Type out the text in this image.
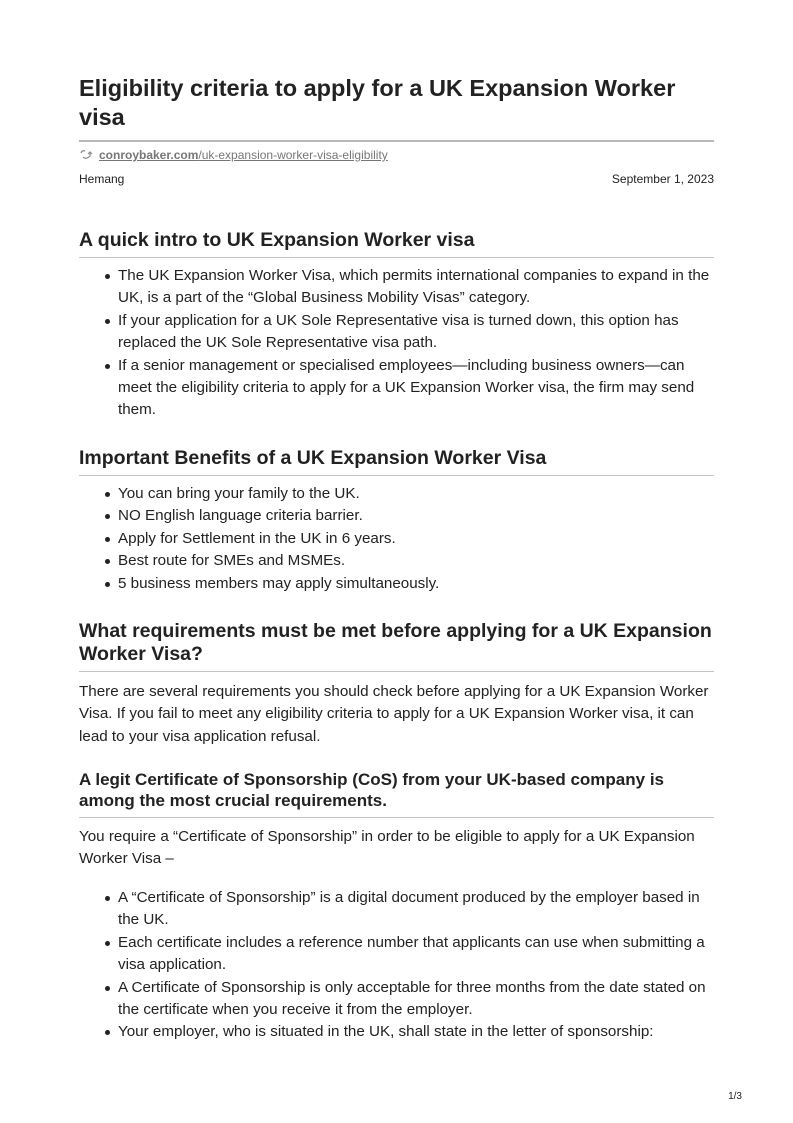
Eligibility criteria to apply for a UK Expansion Worker visa
conroybaker.com/uk-expansion-worker-visa-eligibility
Hemang	September 1, 2023
A quick intro to UK Expansion Worker visa
The UK Expansion Worker Visa, which permits international companies to expand in the UK, is a part of the “Global Business Mobility Visas” category.
If your application for a UK Sole Representative visa is turned down, this option has replaced the UK Sole Representative visa path.
If a senior management or specialised employees—including business owners—can meet the eligibility criteria to apply for a UK Expansion Worker visa, the firm may send them.
Important Benefits of a UK Expansion Worker Visa
You can bring your family to the UK.
NO English language criteria barrier.
Apply for Settlement in the UK in 6 years.
Best route for SMEs and MSMEs.
5 business members may apply simultaneously.
What requirements must be met before applying for a UK Expansion Worker Visa?

There are several requirements you should check before applying for a UK Expansion Worker Visa. If you fail to meet any eligibility criteria to apply for a UK Expansion Worker visa, it can lead to your visa application refusal.

A legit Certificate of Sponsorship (CoS) from your UK-based company is among the most crucial requirements.

You require a “Certificate of Sponsorship” in order to be eligible to apply for a UK Expansion Worker Visa –

A “Certificate of Sponsorship” is a digital document produced by the employer based in the UK.
Each certificate includes a reference number that applicants can use when submitting a visa application.
A Certificate of Sponsorship is only acceptable for three months from the date stated on the certificate when you receive it from the employer.
Your employer, who is situated in the UK, shall state in the letter of sponsorship:
1/3
